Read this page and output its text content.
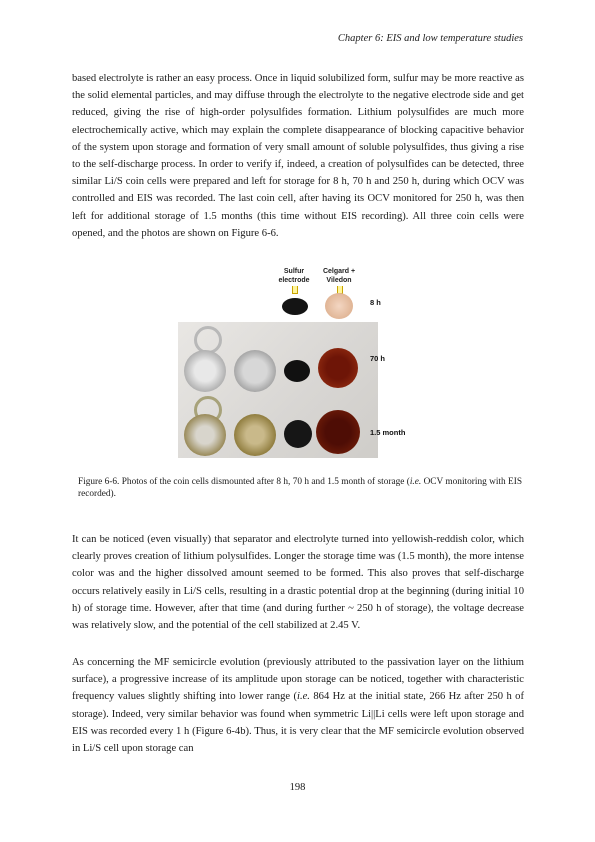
Chapter 6: EIS and low temperature studies

based electrolyte is rather an easy process. Once in liquid solubilized form, sulfur may be more reactive as the solid elemental particles, and may diffuse through the electrolyte to the negative electrode side and get reduced, giving the rise of high-order polysulfides formation. Lithium polysulfides are much more electrochemically active, which may explain the complete disappearance of blocking capacitive behavior of the system upon storage and formation of very small amount of soluble polysulfides, thus giving a rise to the self-discharge process. In order to verify if, indeed, a creation of polysulfides can be detected, three similar Li/S coin cells were prepared and left for storage for 8 h, 70 h and 250 h, during which OCV was controlled and EIS was recorded. The last coin cell, after having its OCV monitored for 250 h, was then left for additional storage of 1.5 months (this time without EIS recording). All three coin cells were opened, and the photos are shown on Figure 6-6.

Sulfur electrode
Celgard + Viledon
8 h
70 h
1.5 month

Figure 6-6. Photos of the coin cells dismounted after 8 h, 70 h and 1.5 month of storage (i.e. OCV monitoring with EIS recorded).

It can be noticed (even visually) that separator and electrolyte turned into yellowish-reddish color, which clearly proves creation of lithium polysulfides. Longer the storage time was (1.5 month), the more intense color was and the higher dissolved amount seemed to be formed. This also proves that self-discharge occurs relatively easily in Li/S cells, resulting in a drastic potential drop at the beginning (during initial 10 h) of storage time. However, after that time (and during further ~ 250 h of storage), the voltage decrease was relatively slow, and the potential of the cell stabilized at 2.45 V.

As concerning the MF semicircle evolution (previously attributed to the passivation layer on the lithium surface), a progressive increase of its amplitude upon storage can be noticed, together with characteristic frequency values slightly shifting into lower range (i.e. 864 Hz at the initial state, 266 Hz after 250 h of storage). Indeed, very similar behavior was found when symmetric Li||Li cells were left upon storage and EIS was recorded every 1 h (Figure 6-4b). Thus, it is very clear that the MF semicircle evolution observed in Li/S cell upon storage can

198
